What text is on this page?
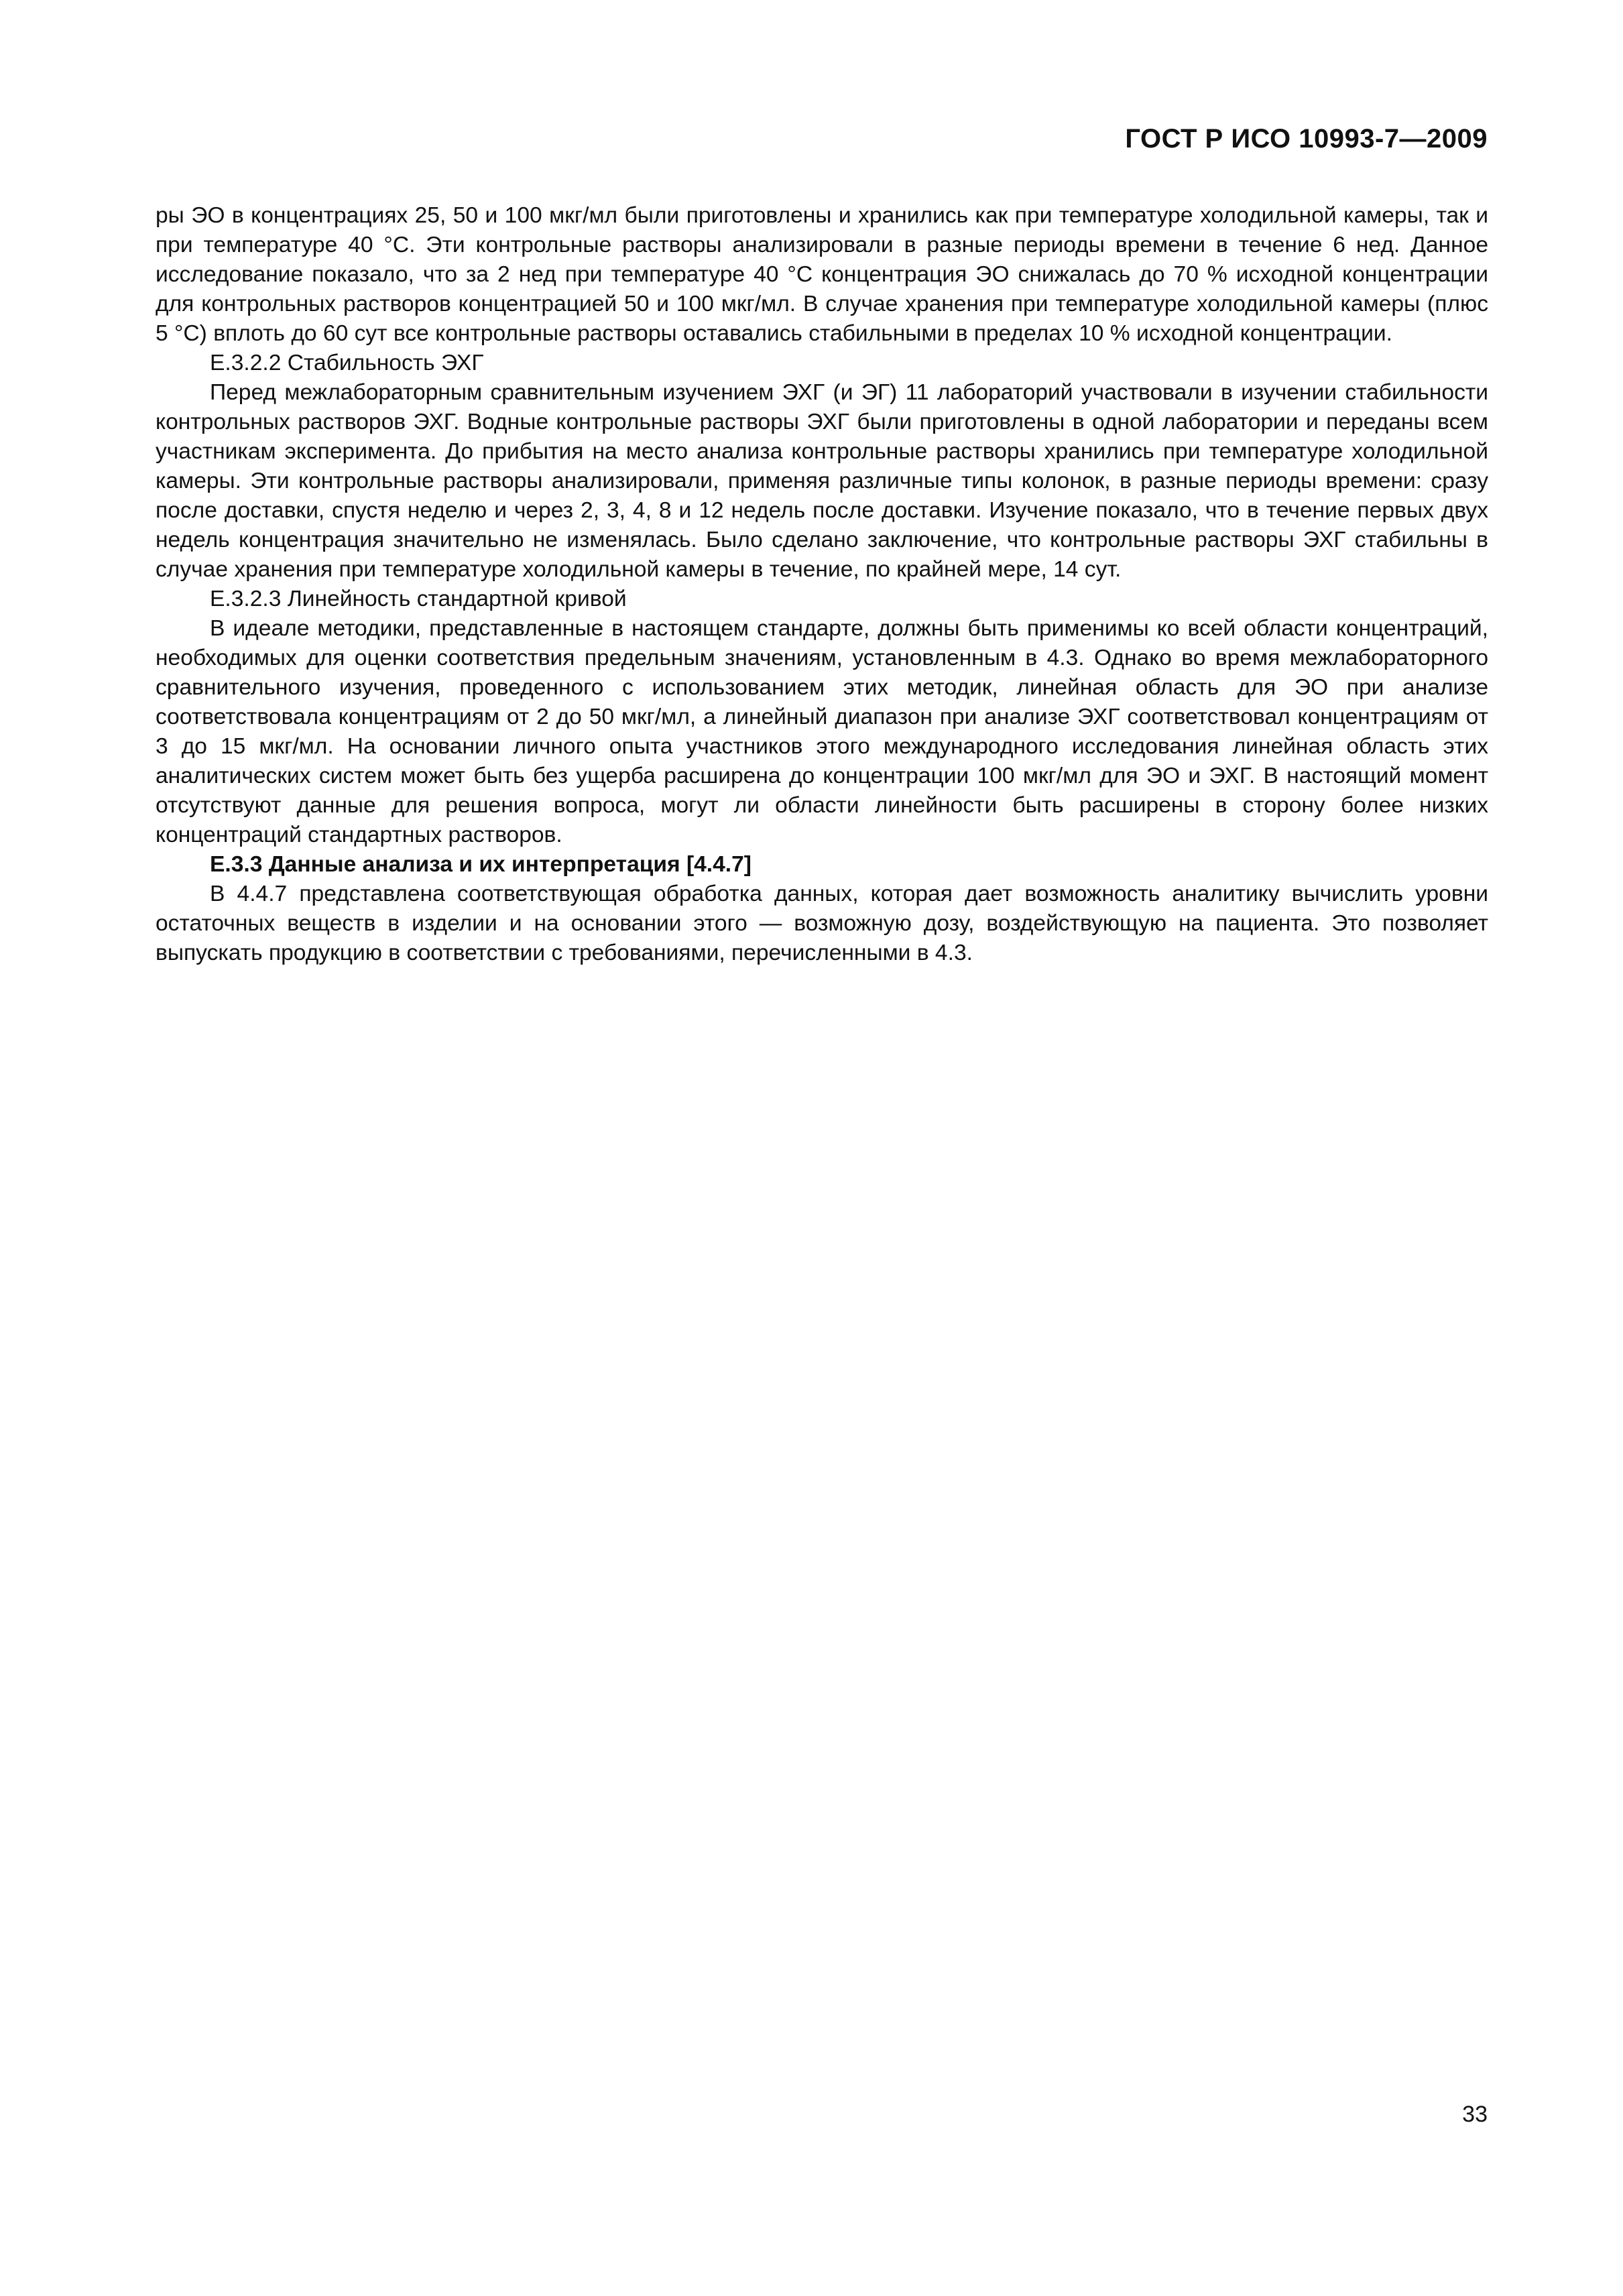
ГОСТ Р ИСО 10993-7—2009

ры ЭО в концентрациях 25, 50 и 100 мкг/мл были приготовлены и хранились как при температуре холодильной камеры, так и при температуре 40 °С. Эти контрольные растворы анализировали в разные периоды времени в течение 6 нед. Данное исследование показало, что за 2 нед при температуре 40 °С концентрация ЭО снижалась до 70 % исходной концентрации для контрольных растворов концентрацией 50 и 100 мкг/мл. В случае хранения при температуре холодильной камеры (плюс 5 °С) вплоть до 60 сут все контрольные растворы оставались стабильными в пределах 10 % исходной концентрации.

Е.3.2.2 Стабильность ЭХГ

Перед межлабораторным сравнительным изучением ЭХГ (и ЭГ) 11 лабораторий участвовали в изучении стабильности контрольных растворов ЭХГ. Водные контрольные растворы ЭХГ были приготовлены в одной лаборатории и переданы всем участникам эксперимента. До прибытия на место анализа контрольные растворы хранились при температуре холодильной камеры. Эти контрольные растворы анализировали, применяя различные типы колонок, в разные периоды времени: сразу после доставки, спустя неделю и через 2, 3, 4, 8 и 12 недель после доставки. Изучение показало, что в течение первых двух недель концентрация значительно не изменялась. Было сделано заключение, что контрольные растворы ЭХГ стабильны в случае хранения при температуре холодильной камеры в течение, по крайней мере, 14 сут.

Е.3.2.3 Линейность стандартной кривой

В идеале методики, представленные в настоящем стандарте, должны быть применимы ко всей области концентраций, необходимых для оценки соответствия предельным значениям, установленным в 4.3. Однако во время межлабораторного сравнительного изучения, проведенного с использованием этих методик, линейная область для ЭО при анализе соответствовала концентрациям от 2 до 50 мкг/мл, а линейный диапазон при анализе ЭХГ соответствовал концентрациям от 3 до 15 мкг/мл. На основании личного опыта участников этого международного исследования линейная область этих аналитических систем может быть без ущерба расширена до концентрации 100 мкг/мл для ЭО и ЭХГ. В настоящий момент отсутствуют данные для решения вопроса, могут ли области линейности быть расширены в сторону более низких концентраций стандартных растворов.

Е.3.3 Данные анализа и их интерпретация [4.4.7]

В 4.4.7 представлена соответствующая обработка данных, которая дает возможность аналитику вычислить уровни остаточных веществ в изделии и на основании этого — возможную дозу, воздействующую на пациента. Это позволяет выпускать продукцию в соответствии с требованиями, перечисленными в 4.3.

33
